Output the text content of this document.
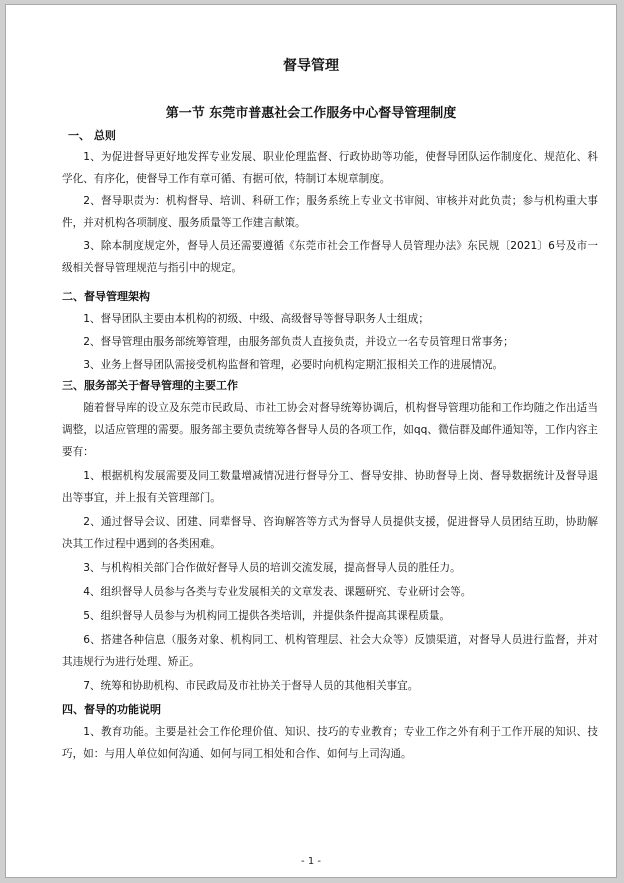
督导管理
第一节 东莞市普惠社会工作服务中心督导管理制度
一、 总则
1、为促进督导更好地发挥专业发展、职业伦理监督、行政协助等功能，使督导团队运作制度化、规范化、科学化、有序化，使督导工作有章可循、有据可依，特制订本规章制度。
2、督导职责为：机构督导、培训、科研工作；服务系统上专业文书审阅、审核并对此负责；参与机构重大事件，并对机构各项制度、服务质量等工作建言献策。
3、除本制度规定外，督导人员还需要遵循《东莞市社会工作督导人员管理办法》东民规〔2021〕6号及市一级相关督导管理规范与指引中的规定。
二、督导管理架构
1、督导团队主要由本机构的初级、中级、高级督导等督导职务人士组成；
2、督导管理由服务部统筹管理，由服务部负责人直接负责，并设立一名专员管理日常事务；
3、业务上督导团队需接受机构监督和管理，必要时向机构定期汇报相关工作的进展情况。
三、服务部关于督导管理的主要工作
随着督导库的设立及东莞市民政局、市社工协会对督导统筹协调后，机构督导管理功能和工作均随之作出适当调整，以适应管理的需要。服务部主要负责统筹各督导人员的各项工作，如qq、微信群及邮件通知等，工作内容主要有：
1、根据机构发展需要及同工数量增减情况进行督导分工、督导安排、协助督导上岗、督导数据统计及督导退出等事宜，并上报有关管理部门。
2、通过督导会议、团建、同辈督导、咨询解答等方式为督导人员提供支援，促进督导人员团结互助，协助解决其工作过程中遇到的各类困难。
3、与机构相关部门合作做好督导人员的培训交流发展，提高督导人员的胜任力。
4、组织督导人员参与各类与专业发展相关的文章发表、课题研究、专业研讨会等。
5、组织督导人员参与为机构同工提供各类培训，并提供条件提高其课程质量。
6、搭建各种信息（服务对象、机构同工、机构管理层、社会大众等）反馈渠道，对督导人员进行监督，并对其违规行为进行处理、矫正。
7、统筹和协助机构、市民政局及市社协关于督导人员的其他相关事宜。
四、督导的功能说明
1、教育功能。主要是社会工作伦理价值、知识、技巧的专业教育；专业工作之外有利于工作开展的知识、技巧，如：与用人单位如何沟通、如何与同工相处和合作、如何与上司沟通。
- 1 -
